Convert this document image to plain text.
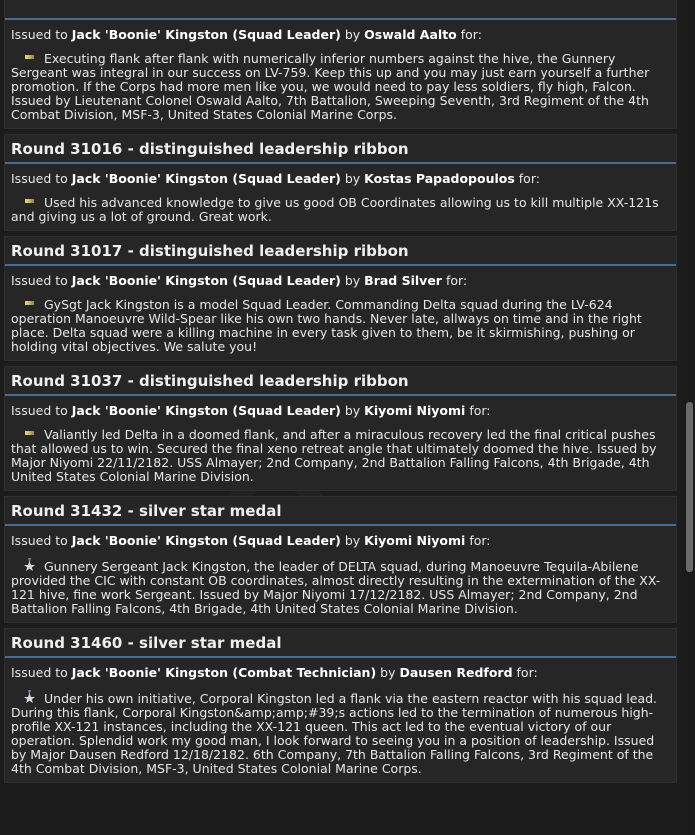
Issued to Jack 'Boonie' Kingston (Squad Leader) by Oswald Aalto for:

Executing flank after flank with numerically inferior numbers against the hive, the Gunnery Sergeant was integral in our success on LV-759. Keep this up and you may just earn yourself a further promotion. If the Corps had more men like you, we would need to pay less soldiers, fly high, Falcon. Issued by Lieutenant Colonel Oswald Aalto, 7th Battalion, Sweeping Seventh, 3rd Regiment of the 4th Combat Division, MSF-3, United States Colonial Marine Corps.

Round 31016 - distinguished leadership ribbon
Issued to Jack 'Boonie' Kingston (Squad Leader) by Kostas Papadopoulos for:

Used his advanced knowledge to give us good OB Coordinates allowing us to kill multiple XX-121s and giving us a lot of ground. Great work.

Round 31017 - distinguished leadership ribbon
Issued to Jack 'Boonie' Kingston (Squad Leader) by Brad Silver for:

GySgt Jack Kingston is a model Squad Leader. Commanding Delta squad during the LV-624 operation Manoeuvre Wild-Spear like his own two hands. Never late, allways on time and in the right place. Delta squad were a killing machine in every task given to them, be it skirmishing, pushing or holding vital objectives. We salute you!

Round 31037 - distinguished leadership ribbon
Issued to Jack 'Boonie' Kingston (Squad Leader) by Kiyomi Niyomi for:

Valiantly led Delta in a doomed flank, and after a miraculous recovery led the final critical pushes that allowed us to win. Secured the final xeno retreat angle that ultimately doomed the hive. Issued by Major Niyomi 22/11/2182. USS Almayer; 2nd Company, 2nd Battalion Falling Falcons, 4th Brigade, 4th United States Colonial Marine Division.

Round 31432 - silver star medal
Issued to Jack 'Boonie' Kingston (Squad Leader) by Kiyomi Niyomi for:

Gunnery Sergeant Jack Kingston, the leader of DELTA squad, during Manoeuvre Tequila-Abilene provided the CIC with constant OB coordinates, almost directly resulting in the extermination of the XX-121 hive, fine work Sergeant. Issued by Major Niyomi 17/12/2182. USS Almayer; 2nd Company, 2nd Battalion Falling Falcons, 4th Brigade, 4th United States Colonial Marine Division.

Round 31460 - silver star medal
Issued to Jack 'Boonie' Kingston (Combat Technician) by Dausen Redford for:

Under his own initiative, Corporal Kingston led a flank via the eastern reactor with his squad lead. During this flank, Corporal Kingston&amp;amp;#39;s actions led to the termination of numerous high-profile XX-121 instances, including the XX-121 queen. This act led to the eventual victory of our operation. Splendid work my good man, I look forward to seeing you in a position of leadership. Issued by Major Dausen Redford 12/18/2182. 6th Company, 7th Battalion Falling Falcons, 3rd Regiment of the 4th Combat Division, MSF-3, United States Colonial Marine Corps.
